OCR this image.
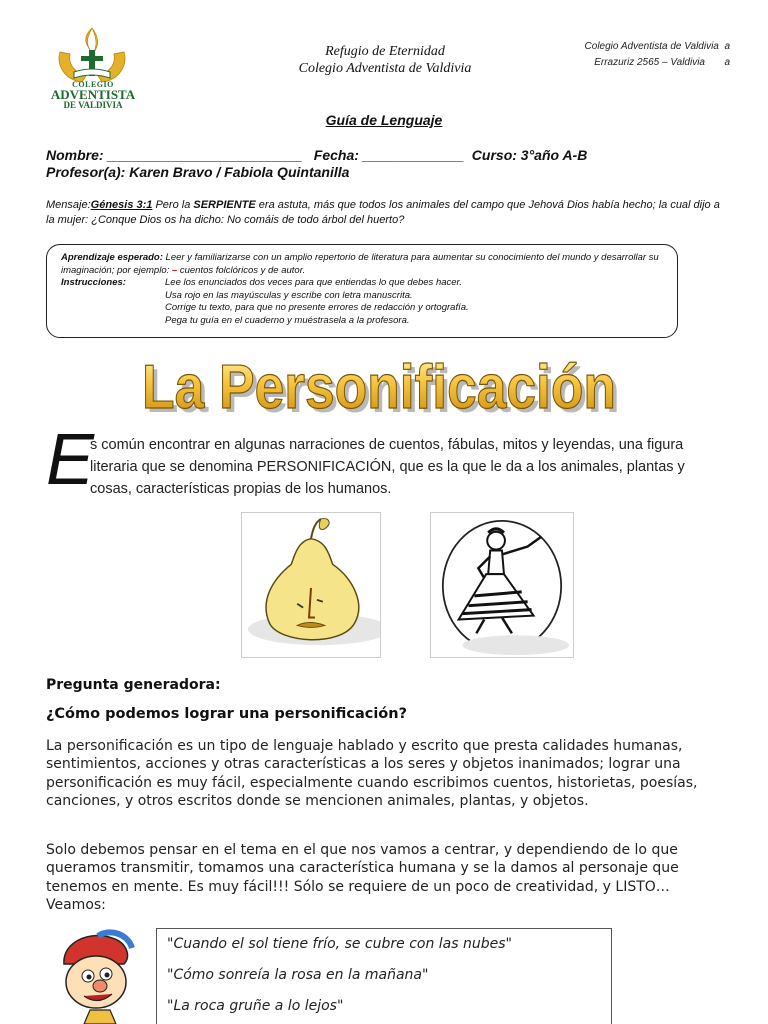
COLEGIO
ADVENTISTA
DE VALDIVIA
Refugio de Eternidad
Colegio Adventista de Valdivia
Colegio Adventista de Valdivia a
Errazuriz 2565 – Valdivia a
Guía de Lenguaje
Nombre: _________________________ Fecha: _____________ Curso: 3°año A-B
Profesor(a): Karen Bravo / Fabiola Quintanilla
Mensaje:Génesis 3:1 Pero la SERPIENTE era astuta, más que todos los animales del campo que Jehová Dios había hecho; la cual dijo a la mujer: ¿Conque Dios os ha dicho: No comáis de todo árbol del huerto?
Aprendizaje esperado: Leer y familiarizarse con un amplio repertorio de literatura para aumentar su conocimiento del mundo y desarrollar su imaginación; por ejemplo: – cuentos folclóricos y de autor.
Instrucciones:	Lee los enunciados dos veces para que entiendas lo que debes hacer.
Usa rojo en las mayúsculas y escribe con letra manuscrita.
Corrige tu texto, para que no presente errores de redacción y ortografía.
Pega tu guía en el cuaderno y muéstrasela a la profesora.
La Personificación
La Personificación
E
s común encontrar en algunas narraciones de cuentos, fábulas, mitos y leyendas, una figura literaria que se denomina PERSONIFICACIÓN, que es la que le da a los animales, plantas y cosas, características propias de los humanos.
Pregunta generadora:
¿Cómo podemos lograr una personificación?
La personificación es un tipo de lenguaje hablado y escrito que presta calidades humanas, sentimientos, acciones y otras características a los seres y objetos inanimados; lograr una personificación es muy fácil, especialmente cuando escribimos cuentos, historietas, poesías, canciones, y otros escritos donde se mencionen animales, plantas, y objetos.
Solo debemos pensar en el tema en el que nos vamos a centrar, y dependiendo de lo que queramos transmitir, tomamos una característica humana y se la damos al personaje que tenemos en mente. Es muy fácil!!! Sólo se requiere de un poco de creatividad, y LISTO… Veamos:
"Cuando el sol tiene frío, se cubre con las nubes"
"Cómo sonreía la rosa en la mañana"
"La roca gruñe a lo lejos"
